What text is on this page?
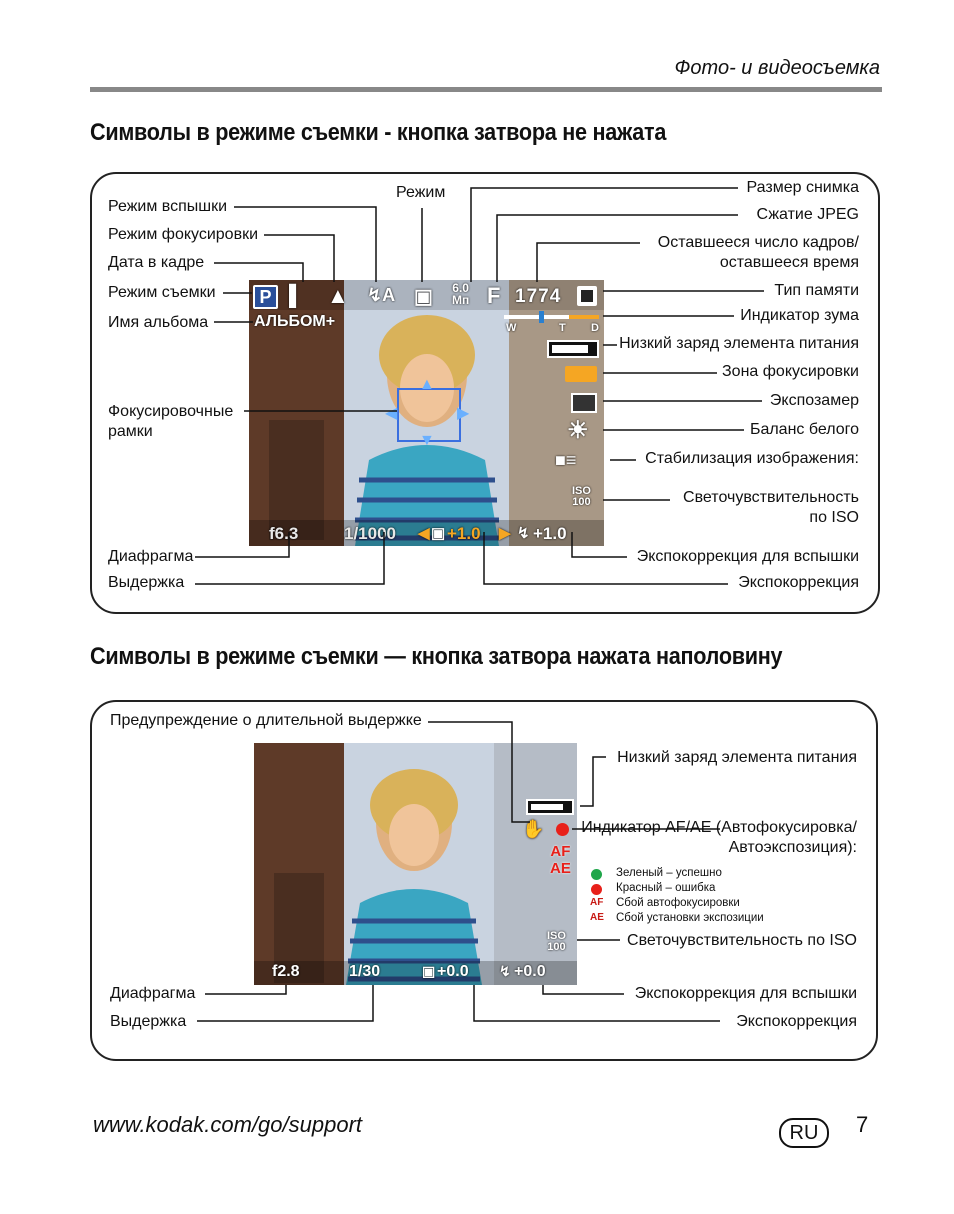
Фото- и видеосъемка
Символы в режиме съемки - кнопка затвора не нажата
P ▌ ▲ ↯A ▣ 6.0
Mп F 1774
АЛЬБОМ+	W	T D
☀
■≡
ISO
100
▲
▼
◀	▶
f6.3	1/1000 ◀ ▣ +1.0 ▶ ↯ +1.0
Режим вспышки
Режим фокусировки
Дата в кадре
Режим съемки
Имя альбома
Фокусировочные рамки
Диафрагма
Выдержка
Режим	Размер снимка
Сжатие JPEG
Оставшееся число кадров/ оставшееся время
Тип памяти
Индикатор зума
Низкий заряд элемента питания
Зона фокусировки
Экспозамер
Баланс белого
Стабилизация изображения:
Светочувствительность по ISO
Экспокоррекция для вспышки
Экспокоррекция
Символы в режиме съемки — кнопка затвора нажата наполовину
✋
AF
AE
ISO
100
f2.8	1/30	▣ +0.0 ↯ +0.0
Предупреждение о длительной выдержке
Низкий заряд элемента питания
Индикатор AF/AE (Автофокусировка/Автоэкспозиция):
Зеленый – успешно
Красный – ошибка
AF Сбой автофокусировки
AE Сбой установки экспозиции
Светочувствительность по ISO
Диафрагма	Экспокоррекция для вспышки
Выдержка	Экспокоррекция
www.kodak.com/go/support	RU	7
